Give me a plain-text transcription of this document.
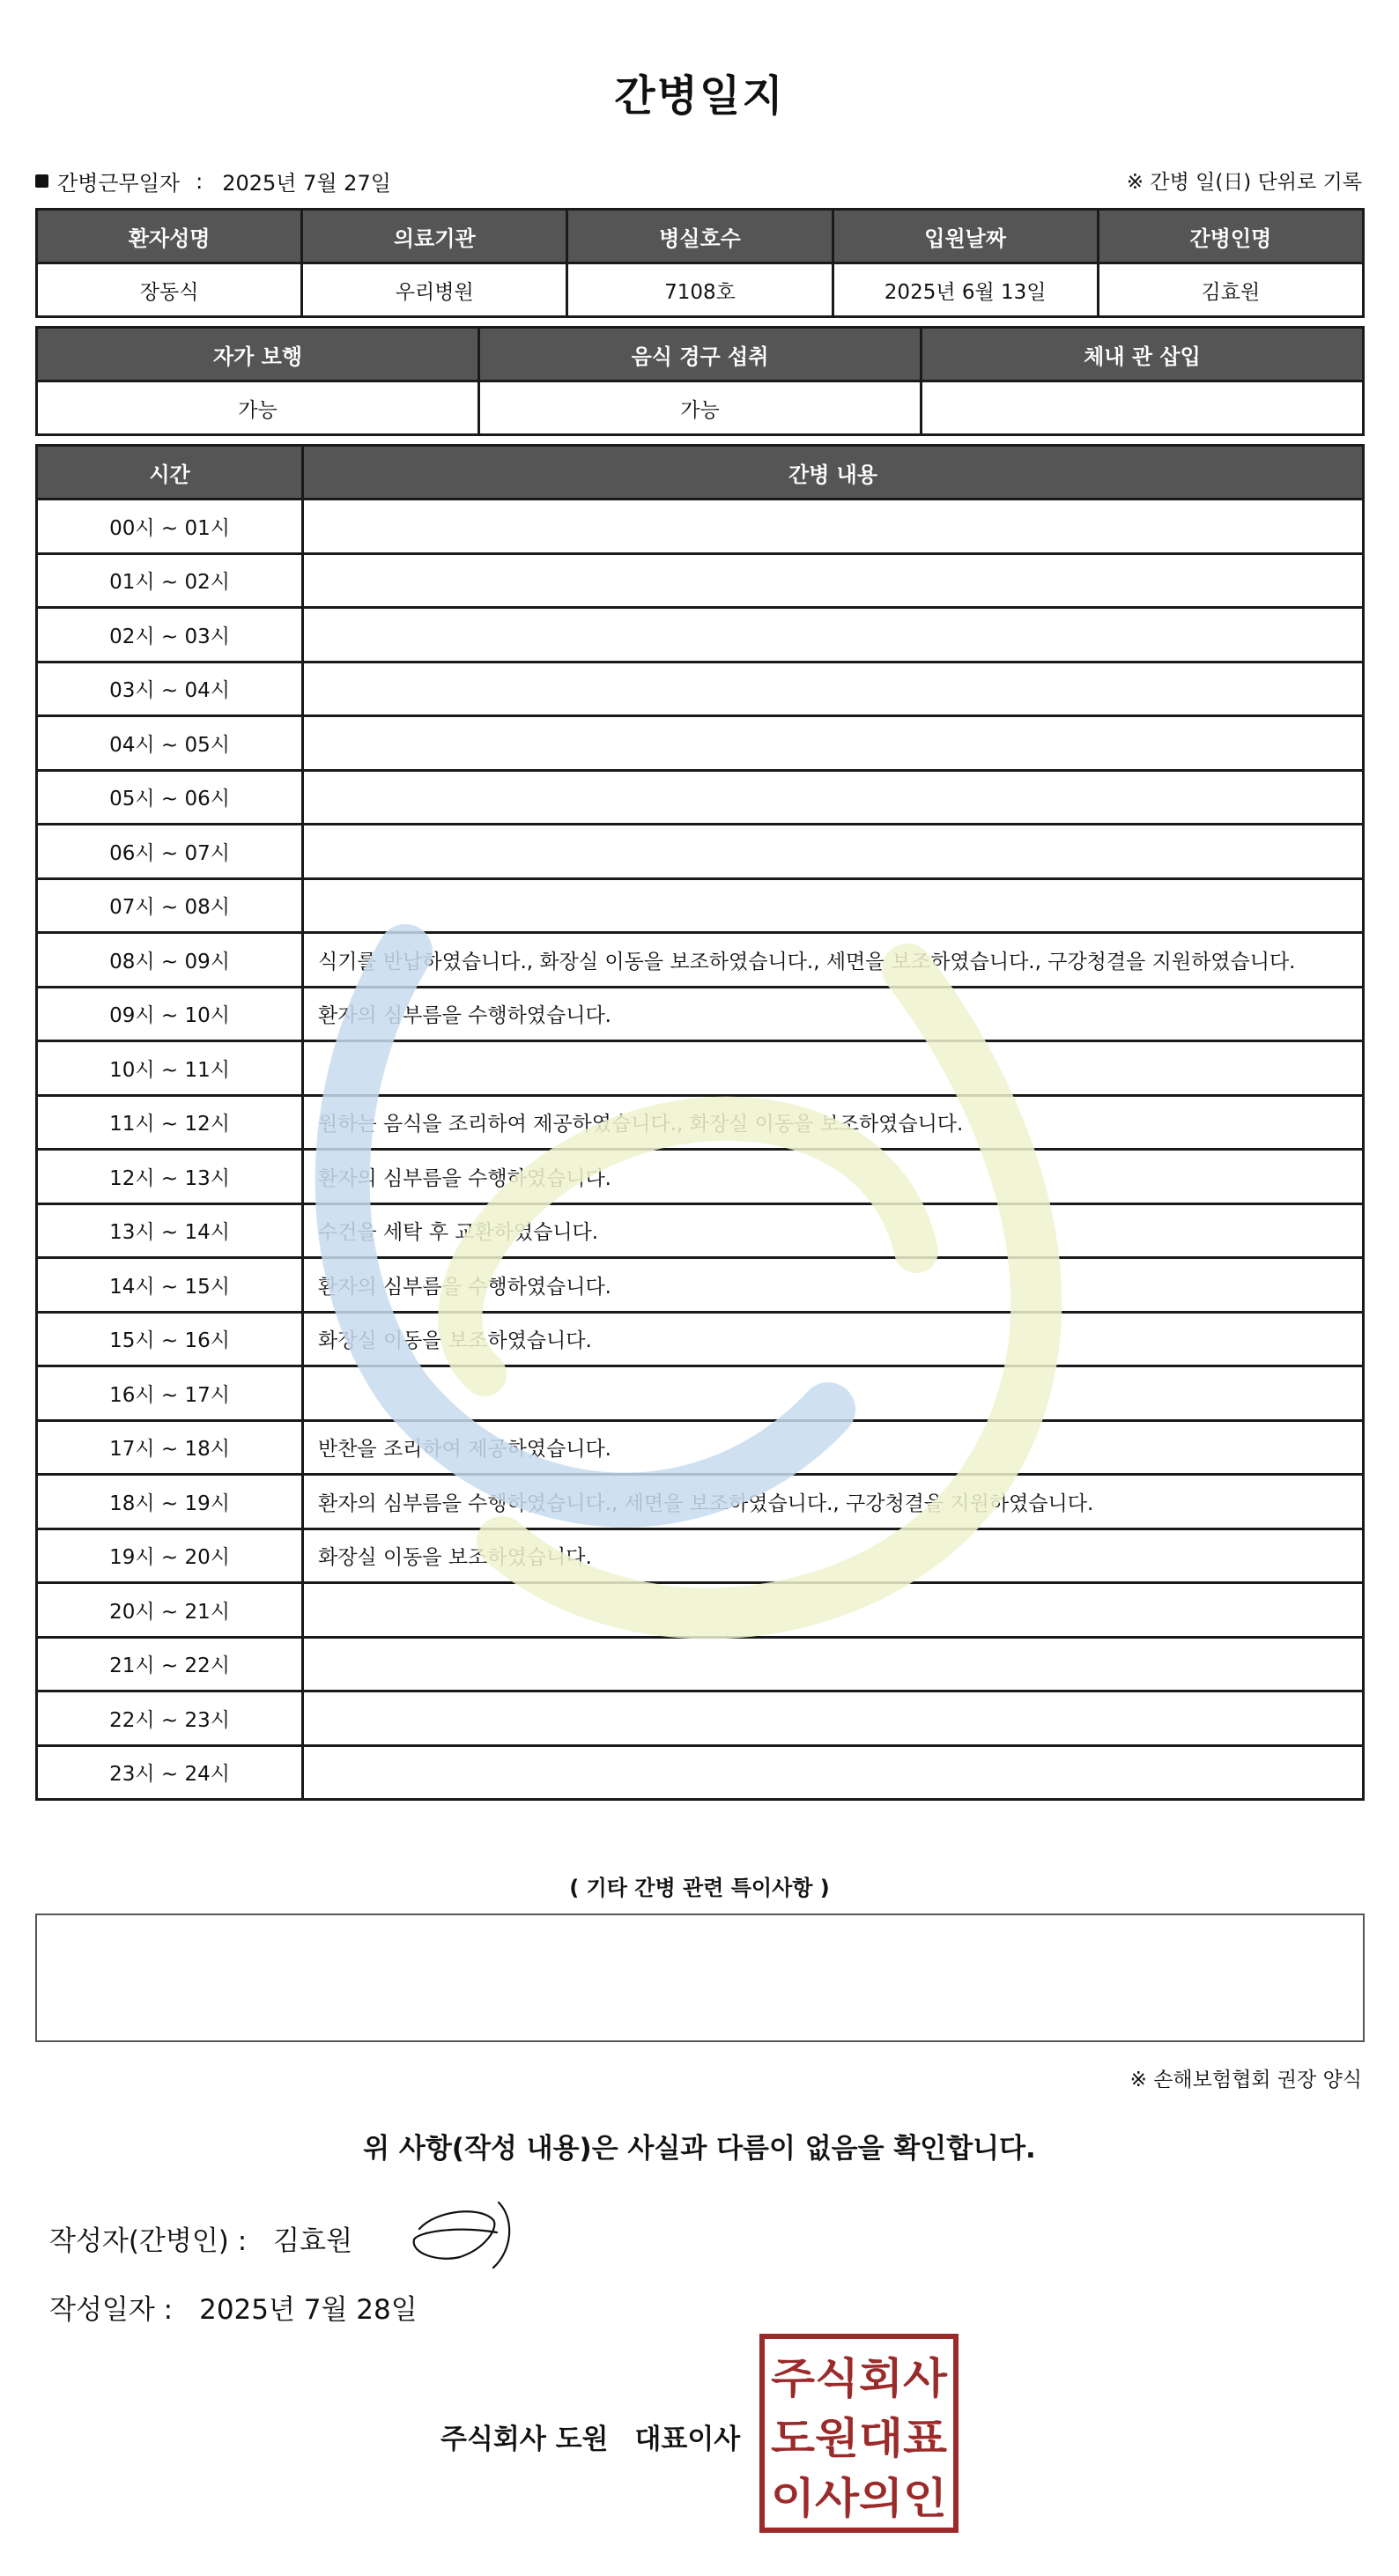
간병일지
간병근무일자 : 2025년 7월 27일	※ 간병 일(日) 단위로 기록
환자성명	의료기관	병실호수	입원날짜	간병인명
장동식	우리병원	7108호	2025년 6월 13일	김효원
자가 보행	음식 경구 섭취	체내 관 삽입
가능	가능	
시간	간병 내용
00시 ~ 01시	
01시 ~ 02시	
02시 ~ 03시	
03시 ~ 04시	
04시 ~ 05시	
05시 ~ 06시	
06시 ~ 07시	
07시 ~ 08시	
08시 ~ 09시	식기를 반납하였습니다., 화장실 이동을 보조하였습니다., 세면을 보조하였습니다., 구강청결을 지원하였습니다.
09시 ~ 10시	환자의 심부름을 수행하였습니다.
10시 ~ 11시	
11시 ~ 12시	원하는 음식을 조리하여 제공하였습니다., 화장실 이동을 보조하였습니다.
12시 ~ 13시	환자의 심부름을 수행하였습니다.
13시 ~ 14시	수건을 세탁 후 교환하였습니다.
14시 ~ 15시	환자의 심부름을 수행하였습니다.
15시 ~ 16시	화장실 이동을 보조하였습니다.
16시 ~ 17시	
17시 ~ 18시	반찬을 조리하여 제공하였습니다.
18시 ~ 19시	환자의 심부름을 수행하였습니다., 세면을 보조하였습니다., 구강청결을 지원하였습니다.
19시 ~ 20시	화장실 이동을 보조하였습니다.
20시 ~ 21시	
21시 ~ 22시	
22시 ~ 23시	
23시 ~ 24시	
( 기타 간병 관련 특이사항 )
※ 손해보험협회 권장 양식
위 사항(작성 내용)은 사실과 다름이 없음을 확인합니다.
작성자(간병인) : 김효원
작성일자 : 2025년 7월 28일
주식회사 도원 대표이사
주식회사
도원대표
이사의인
